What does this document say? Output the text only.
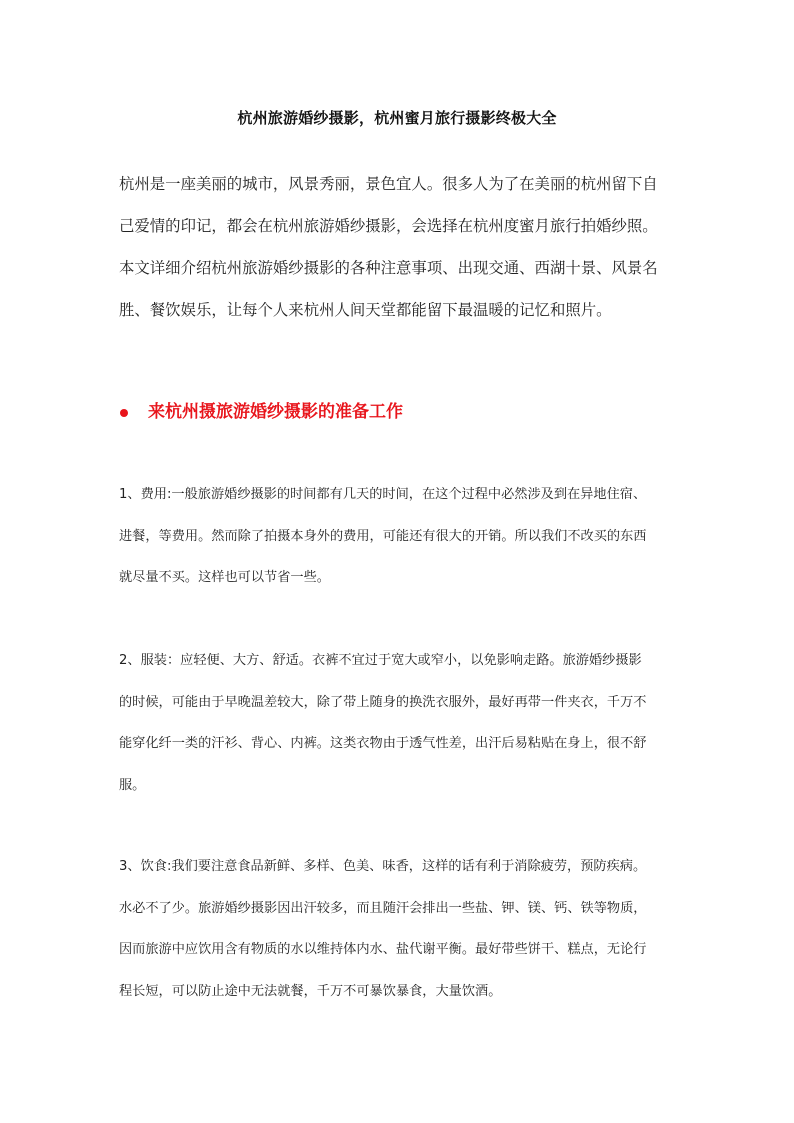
杭州旅游婚纱摄影，杭州蜜月旅行摄影终极大全
杭州是一座美丽的城市，风景秀丽，景色宜人。很多人为了在美丽的杭州留下自
己爱情的印记，都会在杭州旅游婚纱摄影，会选择在杭州度蜜月旅行拍婚纱照。
本文详细介绍杭州旅游婚纱摄影的各种注意事项、出现交通、西湖十景、风景名
胜、餐饮娱乐，让每个人来杭州人间天堂都能留下最温暖的记忆和照片。
来杭州摄旅游婚纱摄影的准备工作
1、费用:一般旅游婚纱摄影的时间都有几天的时间，在这个过程中必然涉及到在异地住宿、
进餐，等费用。然而除了拍摄本身外的费用，可能还有很大的开销。所以我们不改买的东西
就尽量不买。这样也可以节省一些。
2、服装：应轻便、大方、舒适。衣裤不宜过于宽大或窄小，以免影响走路。旅游婚纱摄影
的时候，可能由于早晚温差较大，除了带上随身的换洗衣服外，最好再带一件夹衣，千万不
能穿化纤一类的汗衫、背心、内裤。这类衣物由于透气性差，出汗后易粘贴在身上，很不舒
服。
3、饮食:我们要注意食品新鲜、多样、色美、味香，这样的话有利于消除疲劳，预防疾病。
水必不了少。旅游婚纱摄影因出汗较多，而且随汗会排出一些盐、钾、镁、钙、铁等物质，
因而旅游中应饮用含有物质的水以维持体内水、盐代谢平衡。最好带些饼干、糕点，无论行
程长短，可以防止途中无法就餐，千万不可暴饮暴食，大量饮酒。
